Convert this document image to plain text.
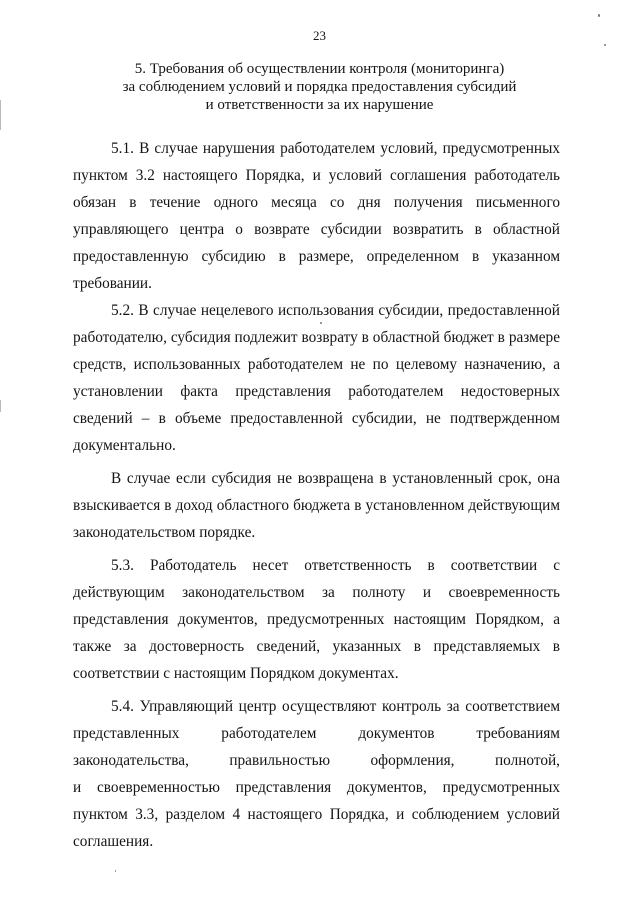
23
5. Требования об осуществлении контроля (мониторинга)
за соблюдением условий и порядка предоставления субсидий
и ответственности за их нарушение
5.1. В случае нарушения работодателем условий, предусмотренных
пунктом 3.2 настоящего Порядка, и условий соглашения работодатель
обязан в течение одного месяца со дня получения письменного
управляющего центра о возврате субсидии возвратить в областной
предоставленную субсидию в размере, определенном в указанном
требовании.
5.2. В случае нецелевого использования субсидии, предоставленной
работодателю, субсидия подлежит возврату в областной бюджет в размере
средств, использованных работодателем не по целевому назначению, а
установлении факта представления работодателем недостоверных
сведений – в объеме предоставленной субсидии, не подтвержденном
документально.
В случае если субсидия не возвращена в установленный срок, она
взыскивается в доход областного бюджета в установленном действующим
законодательством порядке.
5.3. Работодатель несет ответственность в соответствии с
действующим законодательством за полноту и своевременность
представления документов, предусмотренных настоящим Порядком, а
также за достоверность сведений, указанных в представляемых в
соответствии с настоящим Порядком документах.
5.4. Управляющий центр осуществляют контроль за соответствием
представленных работодателем документов требованиям
законодательства, правильностью оформления, полнотой,
и своевременностью представления документов, предусмотренных
пунктом 3.3, разделом 4 настоящего Порядка, и соблюдением условий
соглашения.
